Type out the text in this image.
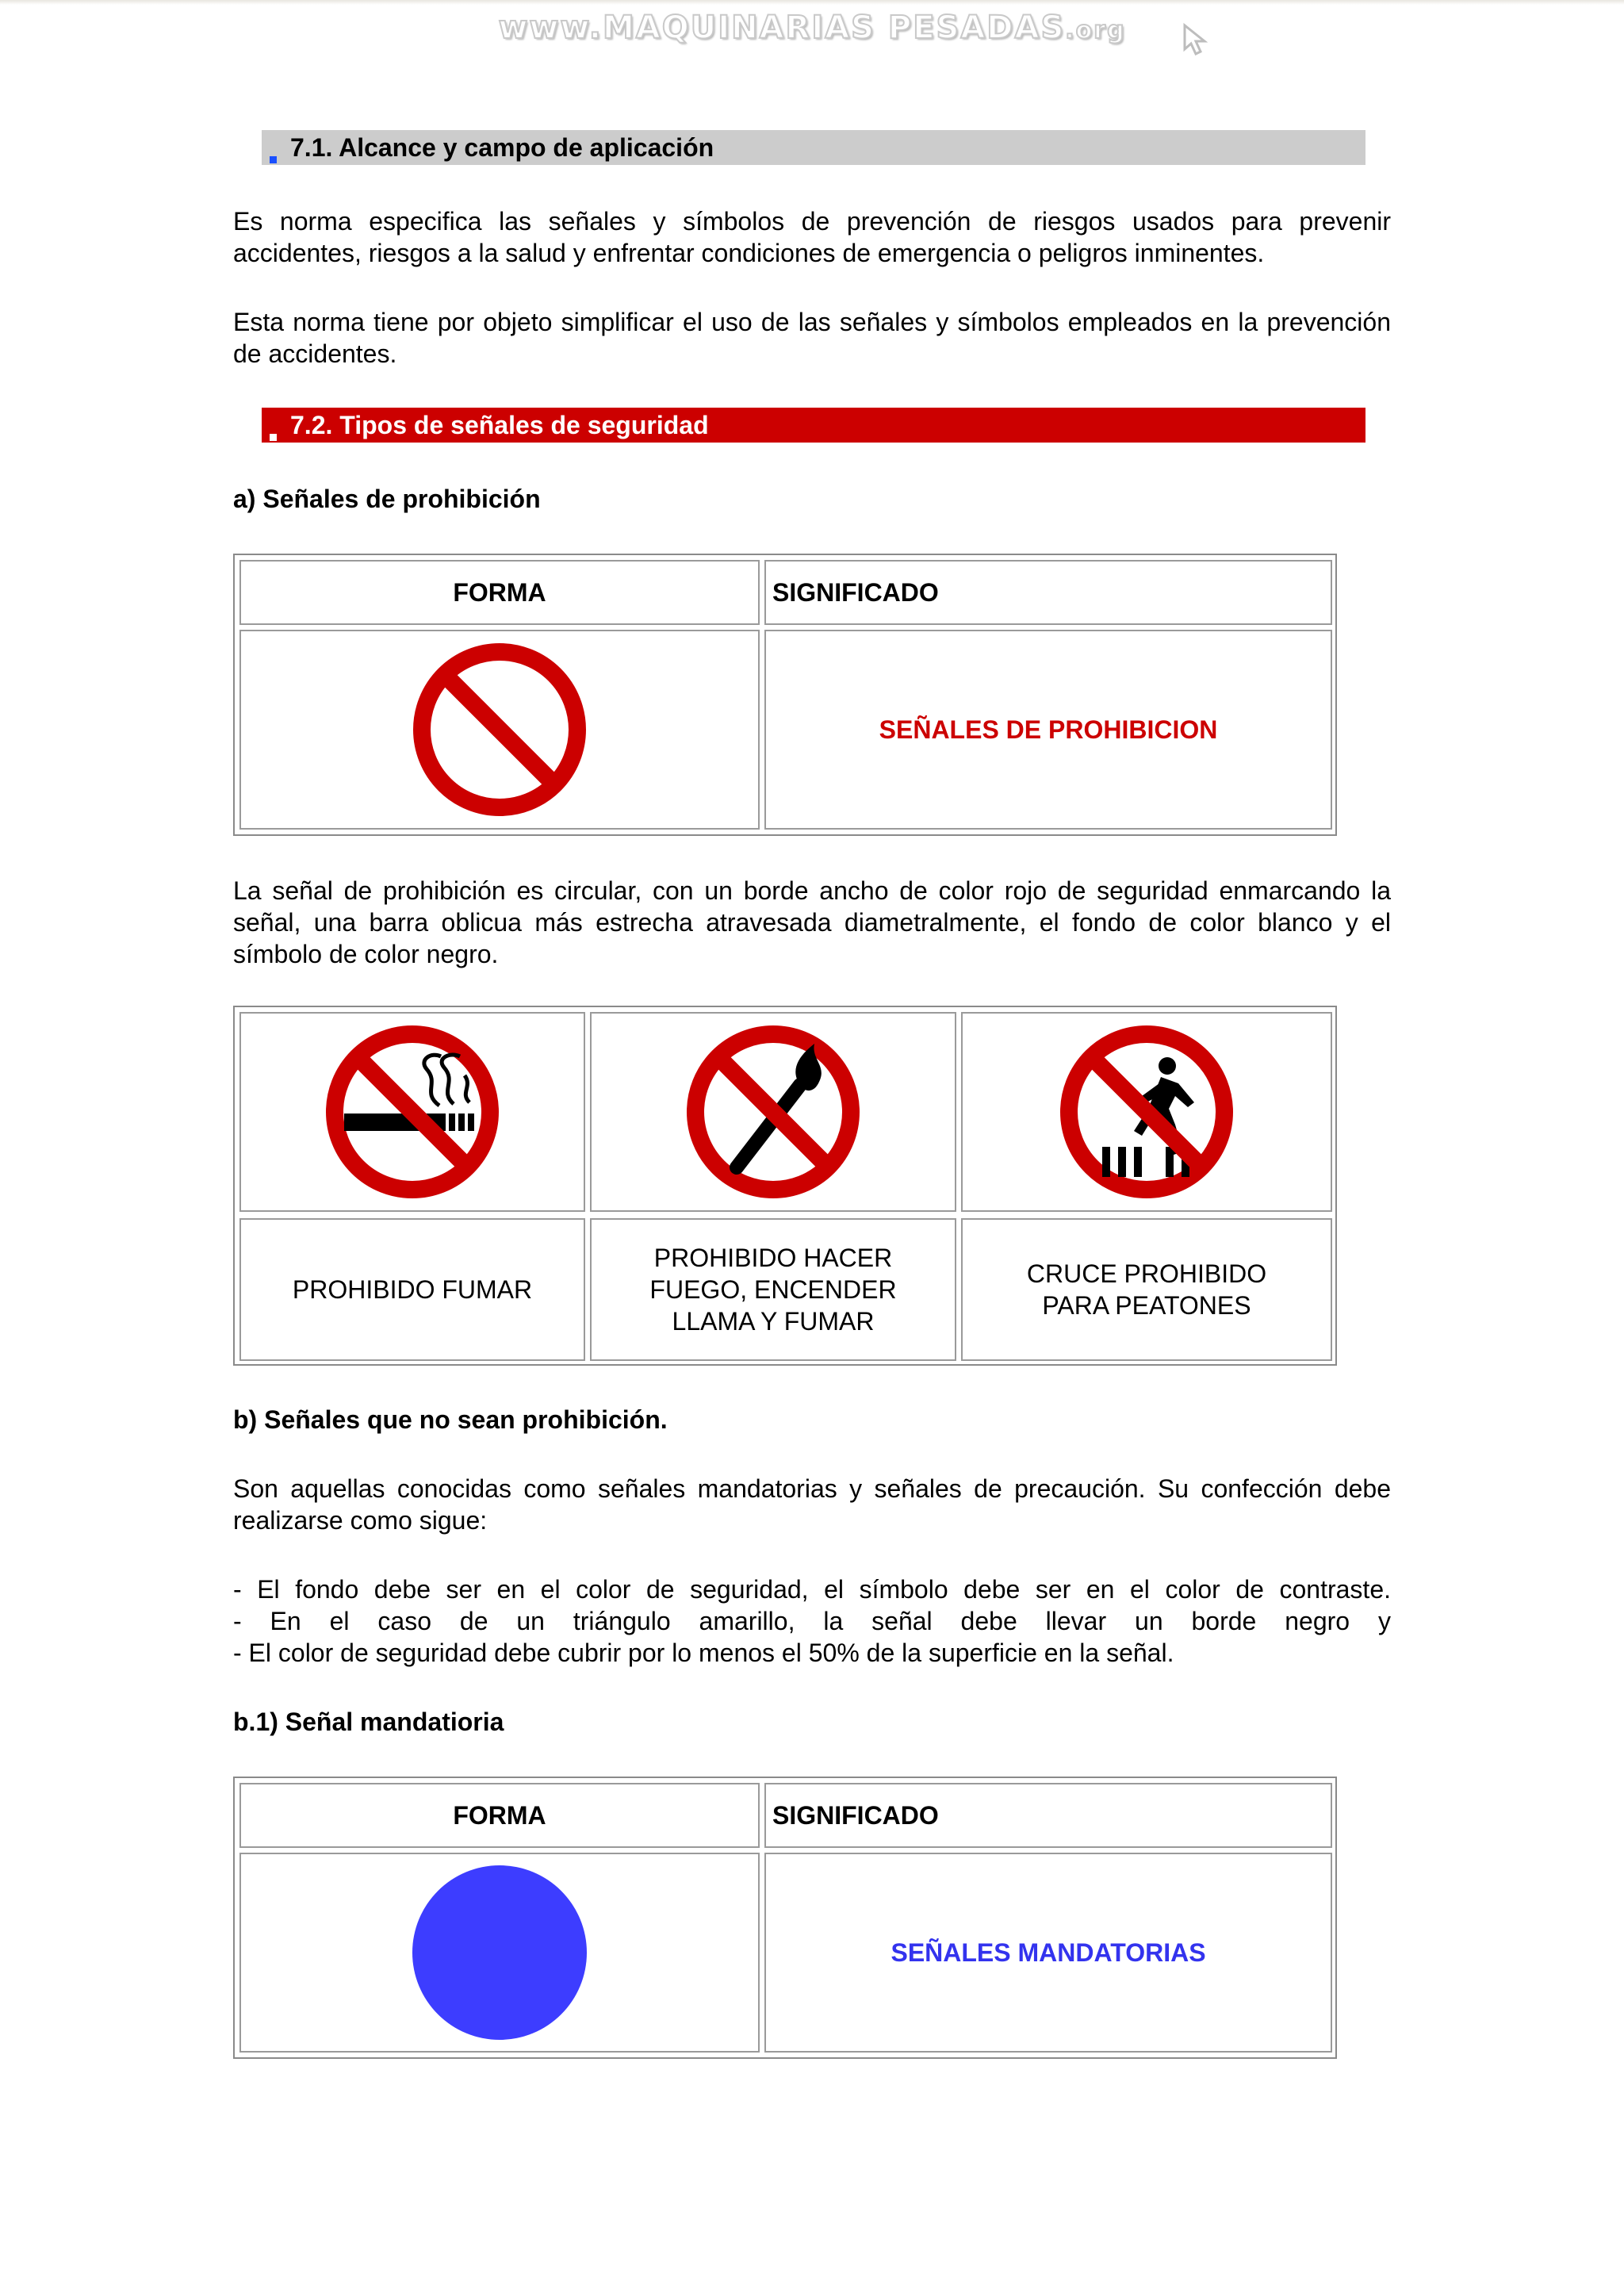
www.MAQUINARIAS PESADAS.org
7.1. Alcance y campo de aplicación
Es norma especifica las señales y símbolos de prevención de riesgos usados para prevenir accidentes, riesgos a la salud y enfrentar condiciones de emergencia o peligros inminentes.
Esta norma tiene por objeto simplificar el uso de las señales y símbolos empleados en la prevención de accidentes.
7.2. Tipos de señales de seguridad
a) Señales de prohibición
FORMA	SIGNIFICADO
SEÑALES DE PROHIBICION
La señal de prohibición es circular, con un borde ancho de color rojo de seguridad enmarcando la señal, una barra oblicua más estrecha atravesada diametralmente, el fondo de color blanco y el símbolo de color negro.
PROHIBIDO FUMAR
PROHIBIDO HACER FUEGO, ENCENDER LLAMA Y FUMAR
CRUCE PROHIBIDO PARA PEATONES
b) Señales que no sean prohibición.
Son aquellas conocidas como señales mandatorias y señales de precaución. Su confección debe realizarse como sigue:
- El fondo debe ser en el color de seguridad, el símbolo debe ser en el color de contraste.
- En el caso de un triángulo amarillo, la señal debe llevar un borde negro y
- El color de seguridad debe cubrir por lo menos el 50% de la superficie en la señal.
b.1) Señal mandatioria
FORMA	SIGNIFICADO
SEÑALES MANDATORIAS
